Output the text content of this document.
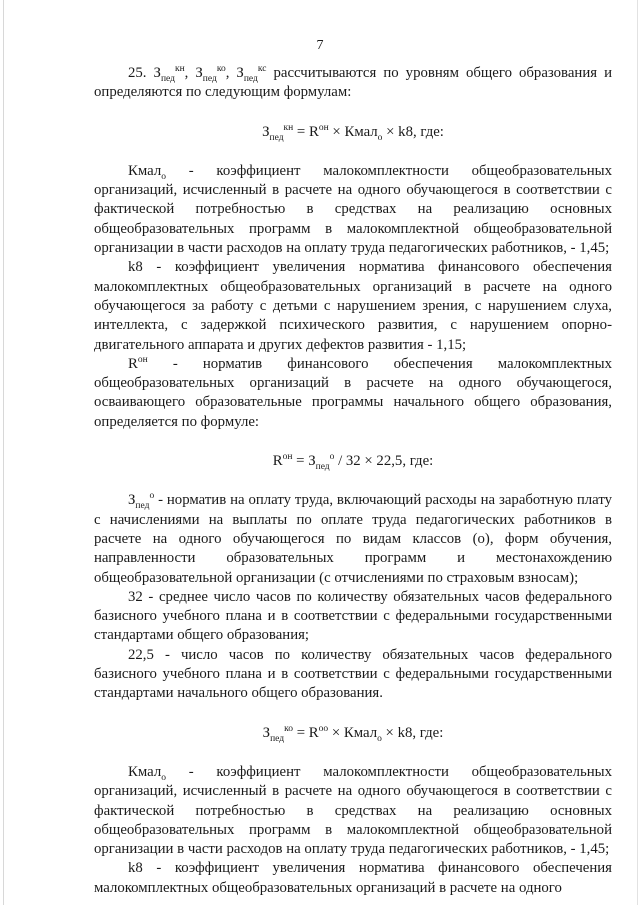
7

25. $З_{пед}^{кн}$, $З_{пед}^{ко}$, $З_{пед}^{кс}$ рассчитываются по уровням общего образования и определяются по следующим формулам:

$З_{пед}^{кн} = R^{он}$ × Кмал$_о$ × k8, где:

Кмал$_о$ - коэффициент малокомплектности общеобразовательных организаций, исчисленный в расчете на одного обучающегося в соответствии с фактической потребностью в средствах на реализацию основных общеобразовательных программ в малокомплектной общеобразовательной организации в части расходов на оплату труда педагогических работников, - 1,45;

k8 - коэффициент увеличения норматива финансового обеспечения малокомплектных общеобразовательных организаций в расчете на одного обучающегося за работу с детьми с нарушением зрения, с нарушением слуха, интеллекта, с задержкой психического развития, с нарушением опорно-двигательного аппарата и других дефектов развития - 1,15;

$R^{он}$ - норматив финансового обеспечения малокомплектных общеобразовательных организаций в расчете на одного обучающегося, осваивающего образовательные программы начального общего образования, определяется по формуле:

$R^{он} = З_{пед}^о / 32 \times 22,5$, где:

$З_{пед}^о$ - норматив на оплату труда, включающий расходы на заработную плату с начислениями на выплаты по оплате труда педагогических работников в расчете на одного обучающегося по видам классов (о), форм обучения, направленности образовательных программ и местонахождению общеобразовательной организации (с отчислениями по страховым взносам);

32 - среднее число часов по количеству обязательных часов федерального базисного учебного плана и в соответствии с федеральными государственными стандартами общего образования;

22,5 - число часов по количеству обязательных часов федерального базисного учебного плана и в соответствии с федеральными государственными стандартами начального общего образования.

$З_{пед}^{ко} = R^{оо}$ × Кмал$_о$ × k8, где:

Кмал$_о$ - коэффициент малокомплектности общеобразовательных организаций, исчисленный в расчете на одного обучающегося в соответствии с фактической потребностью в средствах на реализацию основных общеобразовательных программ в малокомплектной общеобразовательной организации в части расходов на оплату труда педагогических работников, - 1,45;

k8 - коэффициент увеличения норматива финансового обеспечения малокомплектных общеобразовательных организаций в расчете на одного
